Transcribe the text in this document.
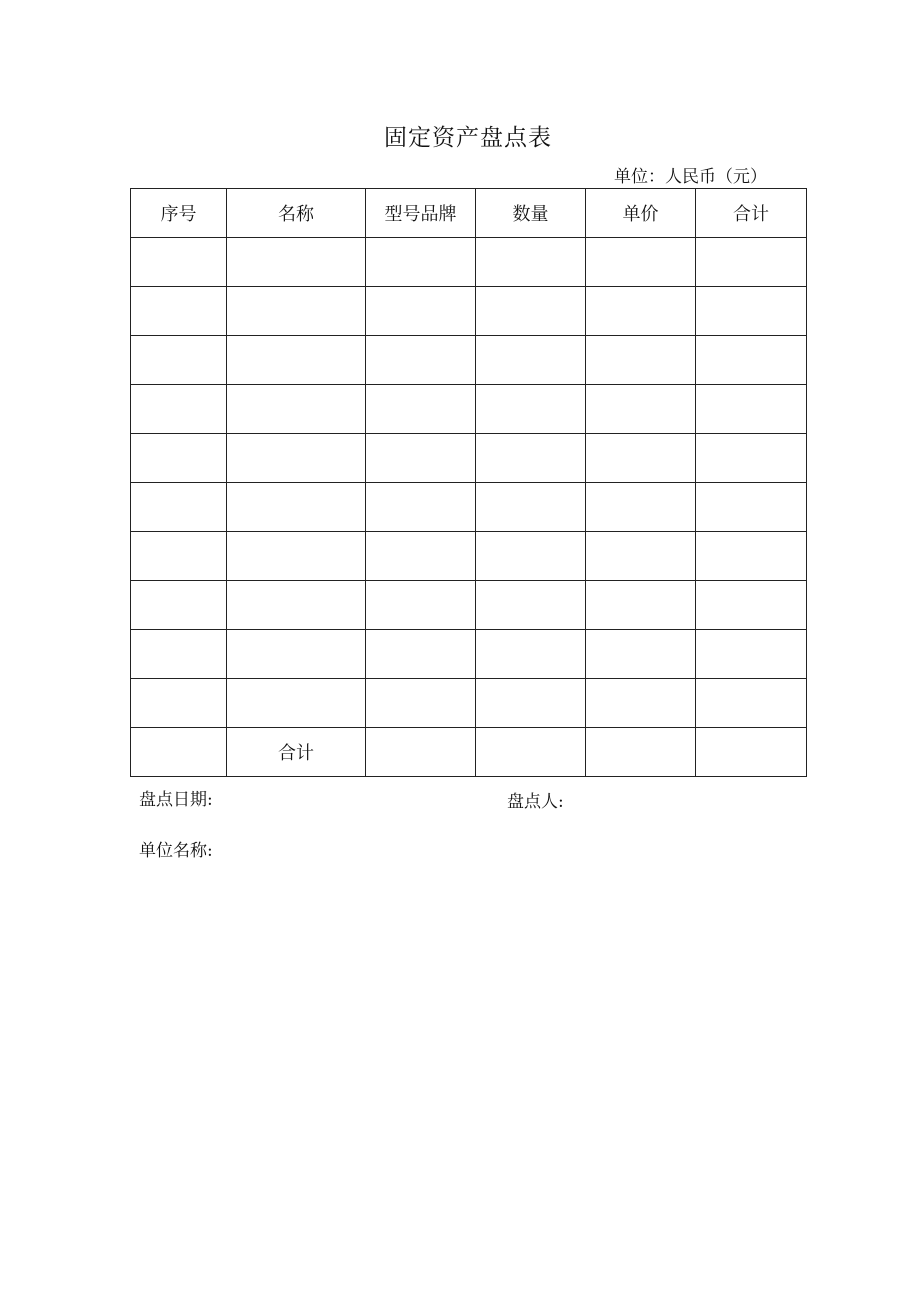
固定资产盘点表
单位：人民币（元）
序号	名称	型号品牌	数量	单价	合计

	合计				
盘点日期:	盘点人:
单位名称:
